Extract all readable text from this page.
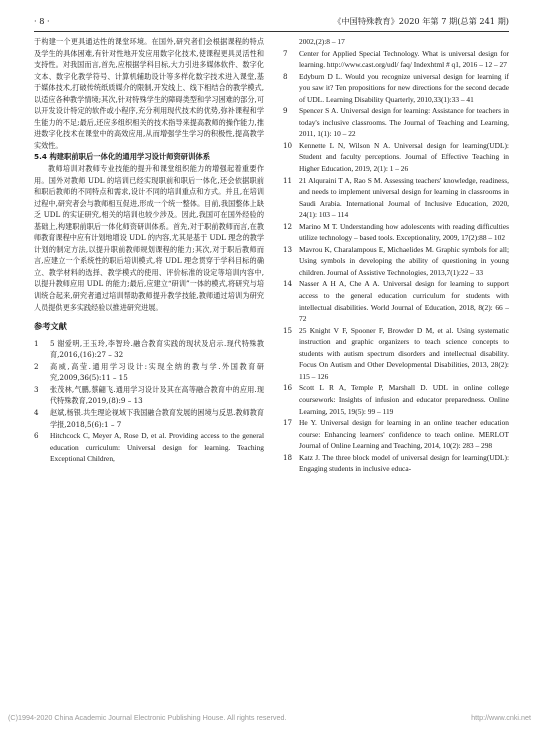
· 8 ·	《中国特殊教育》2020 年第 7 期(总第 241 期)

于构建一个更具通达性的课堂环境。在国外,研究者们会根据课程的特点及学生的具体困难,有针对性地开发应用数字化技术,使课程更具灵活性和支持性。对我国而言,首先,应根据学科目标,大力引进多媒体软件、数字化文本、数字化教学符号、计算机辅助设计等多样化数字技术进入课堂,基于媒体技术,打破传统纸质媒介的限制,开发线上、线下相结合的教学模式,以适应各种教学情境;其次,针对特殊学生的障碍类型和学习困难的部分,可以开发设计特定的软件或小程序,充分利用现代技术的优势,弥补课程和学生能力的不足;最后,还应多组织相关的技术指导来提高教师的操作能力,推进数字化技术在课堂中的高效应用,从而增强学生学习的积极性,提高教学实效性。

5.4 构建职前职后一体化的通用学习设计师资研训体系

教师培训对教师专业技能的提升和课堂组织能力的增强起着重要作用。国外对教师 UDL 的培训已经实现职前和职后一体化,还会依据职前和职后教师的不同特点和需求,设计不同的培训重点和方式。并且,在培训过程中,研究者会与教师相互促进,形成一个统一整体。目前,我国整体上缺乏 UDL 的实证研究,相关的培训也较少涉及。因此,我国可在国外经验的基础上,构建职前职后一体化师资研训体系。首先,对于职前教师而言,在教师教育课程中应有计划地增设 UDL 的内容,尤其是基于 UDL 理念的教学计划的制定方法,以提升职前教师规划课程的能力;其次,对于职后教师而言,应建立一个系统性的职后培训模式,将 UDL 理念贯穿于学科目标的确立、教学材料的选择、教学模式的使用、评价标准的设定等培训内容中,以提升教师应用 UDL 的能力;最后,应建立“研训”一体的模式,将研究与培训统合起来,研究者通过培训帮助教师提升教学技能,教师通过培训为研究人员提供更多实践经验以推进研究进展。

参考文献

1	5 谢爱明,王玉玲,李智玲.融合教育实践的现状及启示.现代特殊教育,2016,(16):27 – 32
2	高威,高莹.通用学习设计:实现全纳的教与学.外国教育研究,2009,36(5):11 – 15
3	张茂林,气鹏,蔡翩飞.通用学习设计及其在高等融合教育中的应用.现代特殊教育,2019,(8):9 – 13
4	赵斌,杨银.共生理论视域下我国融合教育发展的困境与反思.教师教育学报,2018,5(6):1 – 7
6	Hitchcock C, Meyer A, Rose D, et al. Providing access to the general education curriculum: Universal design for learning. Teaching Exceptional Children,
2002,(2):8 – 17
7	Center for Applied Special Technology. What is universal design for learning. http://www.cast.org/udl/ faq/ Indexhtml # q1, 2016 – 12 – 27
8	Edyburn D L. Would you recognize universal design for learning if you saw it? Ten propositions for new directions for the second decade of UDL. Learning Disability Quarterly, 2010,33(1):33 – 41
9	Spencer S A. Universal design for learning: Assistance for teachers in today's inclusive classrooms. The Journal of Teaching and Learning, 2011, 1(1): 10 – 22
10 Kennette L N, Wilson N A. Universal design for learning(UDL): Student and faculty perceptions. Journal of Effective Teaching in Higher Education, 2019, 2(1): 1 – 26
11 21 Alquraini T A, Rao S M. Assessing teachers' knowledge, readiness, and needs to implement universal design for learning in classrooms in Saudi Arabia. International Journal of Inclusive Education, 2020, 24(1): 103 – 114
12 Marino M T. Understanding how adolescents with reading difficulties utilize technology – based tools. Exceptionality, 2009, 17(2):88 – 102
13 Mavrou K, Charalampous E, Michaelides M. Graphic symbols for all; Using symbols in developing the ability of questioning in young children. Journal of Assistive Technologies, 2013,7(1):22 – 33
14 Nasser A H A, Che A A. Universal design for learning to support access to the general education curriculum for students with intellectual disabilities. World Journal of Education, 2018, 8(2): 66 – 72
15 25 Knight V F, Spooner F, Browder D M, et al. Using systematic instruction and graphic organizers to teach science concepts to students with autism spectrum disorders and intellectual disability. Focus On Autism and Other Developmental Disabilities, 2013, 28(2): 115 – 126
16 Scott L R A, Temple P, Marshall D. UDL in online college coursework: Insights of infusion and educator preparedness. Online Learning, 2015, 19(5): 99 – 119
17 He Y. Universal design for learning in an online teacher education course: Enhancing learners' confidence to teach online. MERLOT Journal of Online Learning and Teaching, 2014, 10(2): 283 – 298
18 Katz J. The three block model of universal design for learning(UDL): Engaging students in inclusive educa-
(C)1994-2020 China Academic Journal Electronic Publishing House. All rights reserved.	http://www.cnki.net
